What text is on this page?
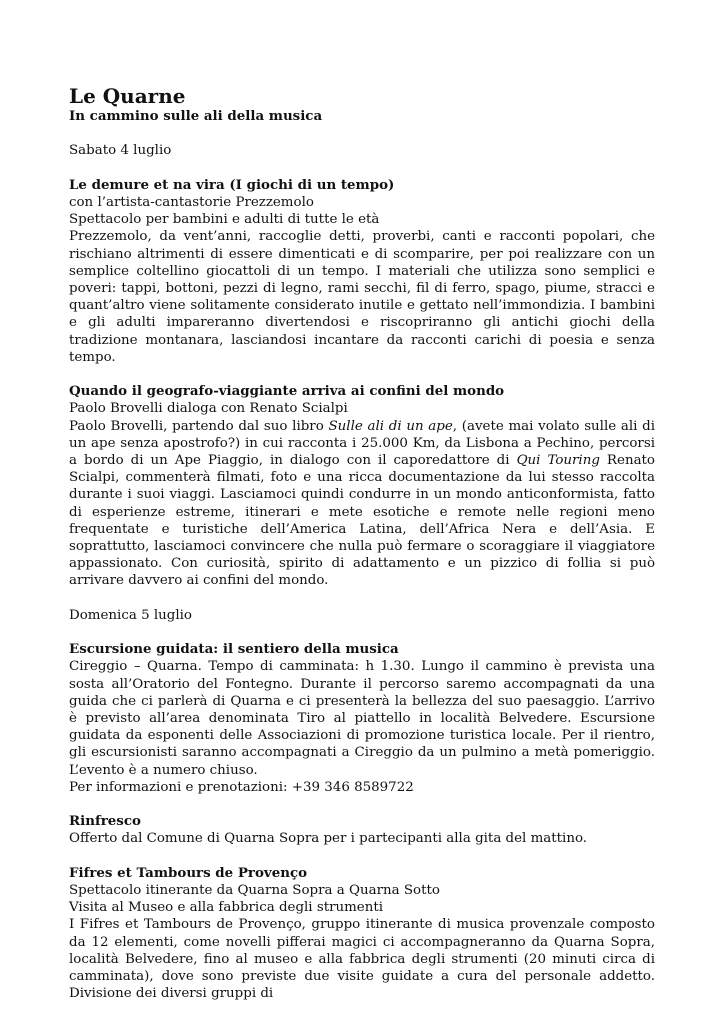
Le Quarne
In cammino sulle ali della musica
Sabato 4 luglio
Le demure et na vira (I giochi di un tempo)
con l’artista-cantastorie Prezzemolo
Spettacolo per bambini e adulti di tutte le età

Prezzemolo, da vent’anni, raccoglie detti, proverbi, canti e racconti popolari, che rischiano altrimenti di essere dimenticati e di scomparire, per poi realizzare con un semplice coltellino giocattoli di un tempo. I materiali che utilizza sono semplici e poveri: tappi, bottoni, pezzi di legno, rami secchi, fil di ferro, spago, piume, stracci e quant’altro viene solitamente considerato inutile e gettato nell’immondizia. I bambini e gli adulti impareranno divertendosi e riscopriranno gli antichi giochi della tradizione montanara, lasciandosi incantare da racconti carichi di poesia e senza tempo.

Quando il geografo-viaggiante arriva ai confini del mondo
Paolo Brovelli dialoga con Renato Scialpi

Paolo Brovelli, partendo dal suo libro Sulle ali di un ape, (avete mai volato sulle ali di un ape senza apostrofo?) in cui racconta i 25.000 Km, da Lisbona a Pechino, percorsi a bordo di un Ape Piaggio, in dialogo con il caporedattore di Qui Touring Renato Scialpi, commenterà filmati, foto e una ricca documentazione da lui stesso raccolta durante i suoi viaggi. Lasciamoci quindi condurre in un mondo anticonformista, fatto di esperienze estreme, itinerari e mete esotiche e remote nelle regioni meno frequentate e turistiche dell’America Latina, dell’Africa Nera e dell’Asia. E soprattutto, lasciamoci convincere che nulla può fermare o scoraggiare il viaggiatore appassionato. Con curiosità, spirito di adattamento e un pizzico di follia si può arrivare davvero ai confini del mondo.

Domenica 5 luglio
Escursione guidata: il sentiero della musica

Cireggio – Quarna. Tempo di camminata: h 1.30. Lungo il cammino è prevista una sosta all’Oratorio del Fontegno. Durante il percorso saremo accompagnati da una guida che ci parlerà di Quarna e ci presenterà la bellezza del suo paesaggio. L’arrivo è previsto all’area denominata Tiro al piattello in località Belvedere. Escursione guidata da esponenti delle Associazioni di promozione turistica locale. Per il rientro, gli escursionisti saranno accompagnati a Cireggio da un pulmino a metà pomeriggio. L’evento è a numero chiuso.

Per informazioni e prenotazioni: +39 346 8589722
Rinfresco
Offerto dal Comune di Quarna Sopra per i partecipanti alla gita del mattino.
Fifres et Tambours de Provenço
Spettacolo itinerante da Quarna Sopra a Quarna Sotto
Visita al Museo e alla fabbrica degli strumenti

I Fifres et Tambours de Provenço, gruppo itinerante di musica provenzale composto da 12 elementi, come novelli pifferai magici ci accompagneranno da Quarna Sopra, località Belvedere, fino al museo e alla fabbrica degli strumenti (20 minuti circa di camminata), dove sono previste due visite guidate a cura del personale addetto. Divisione dei diversi gruppi di
